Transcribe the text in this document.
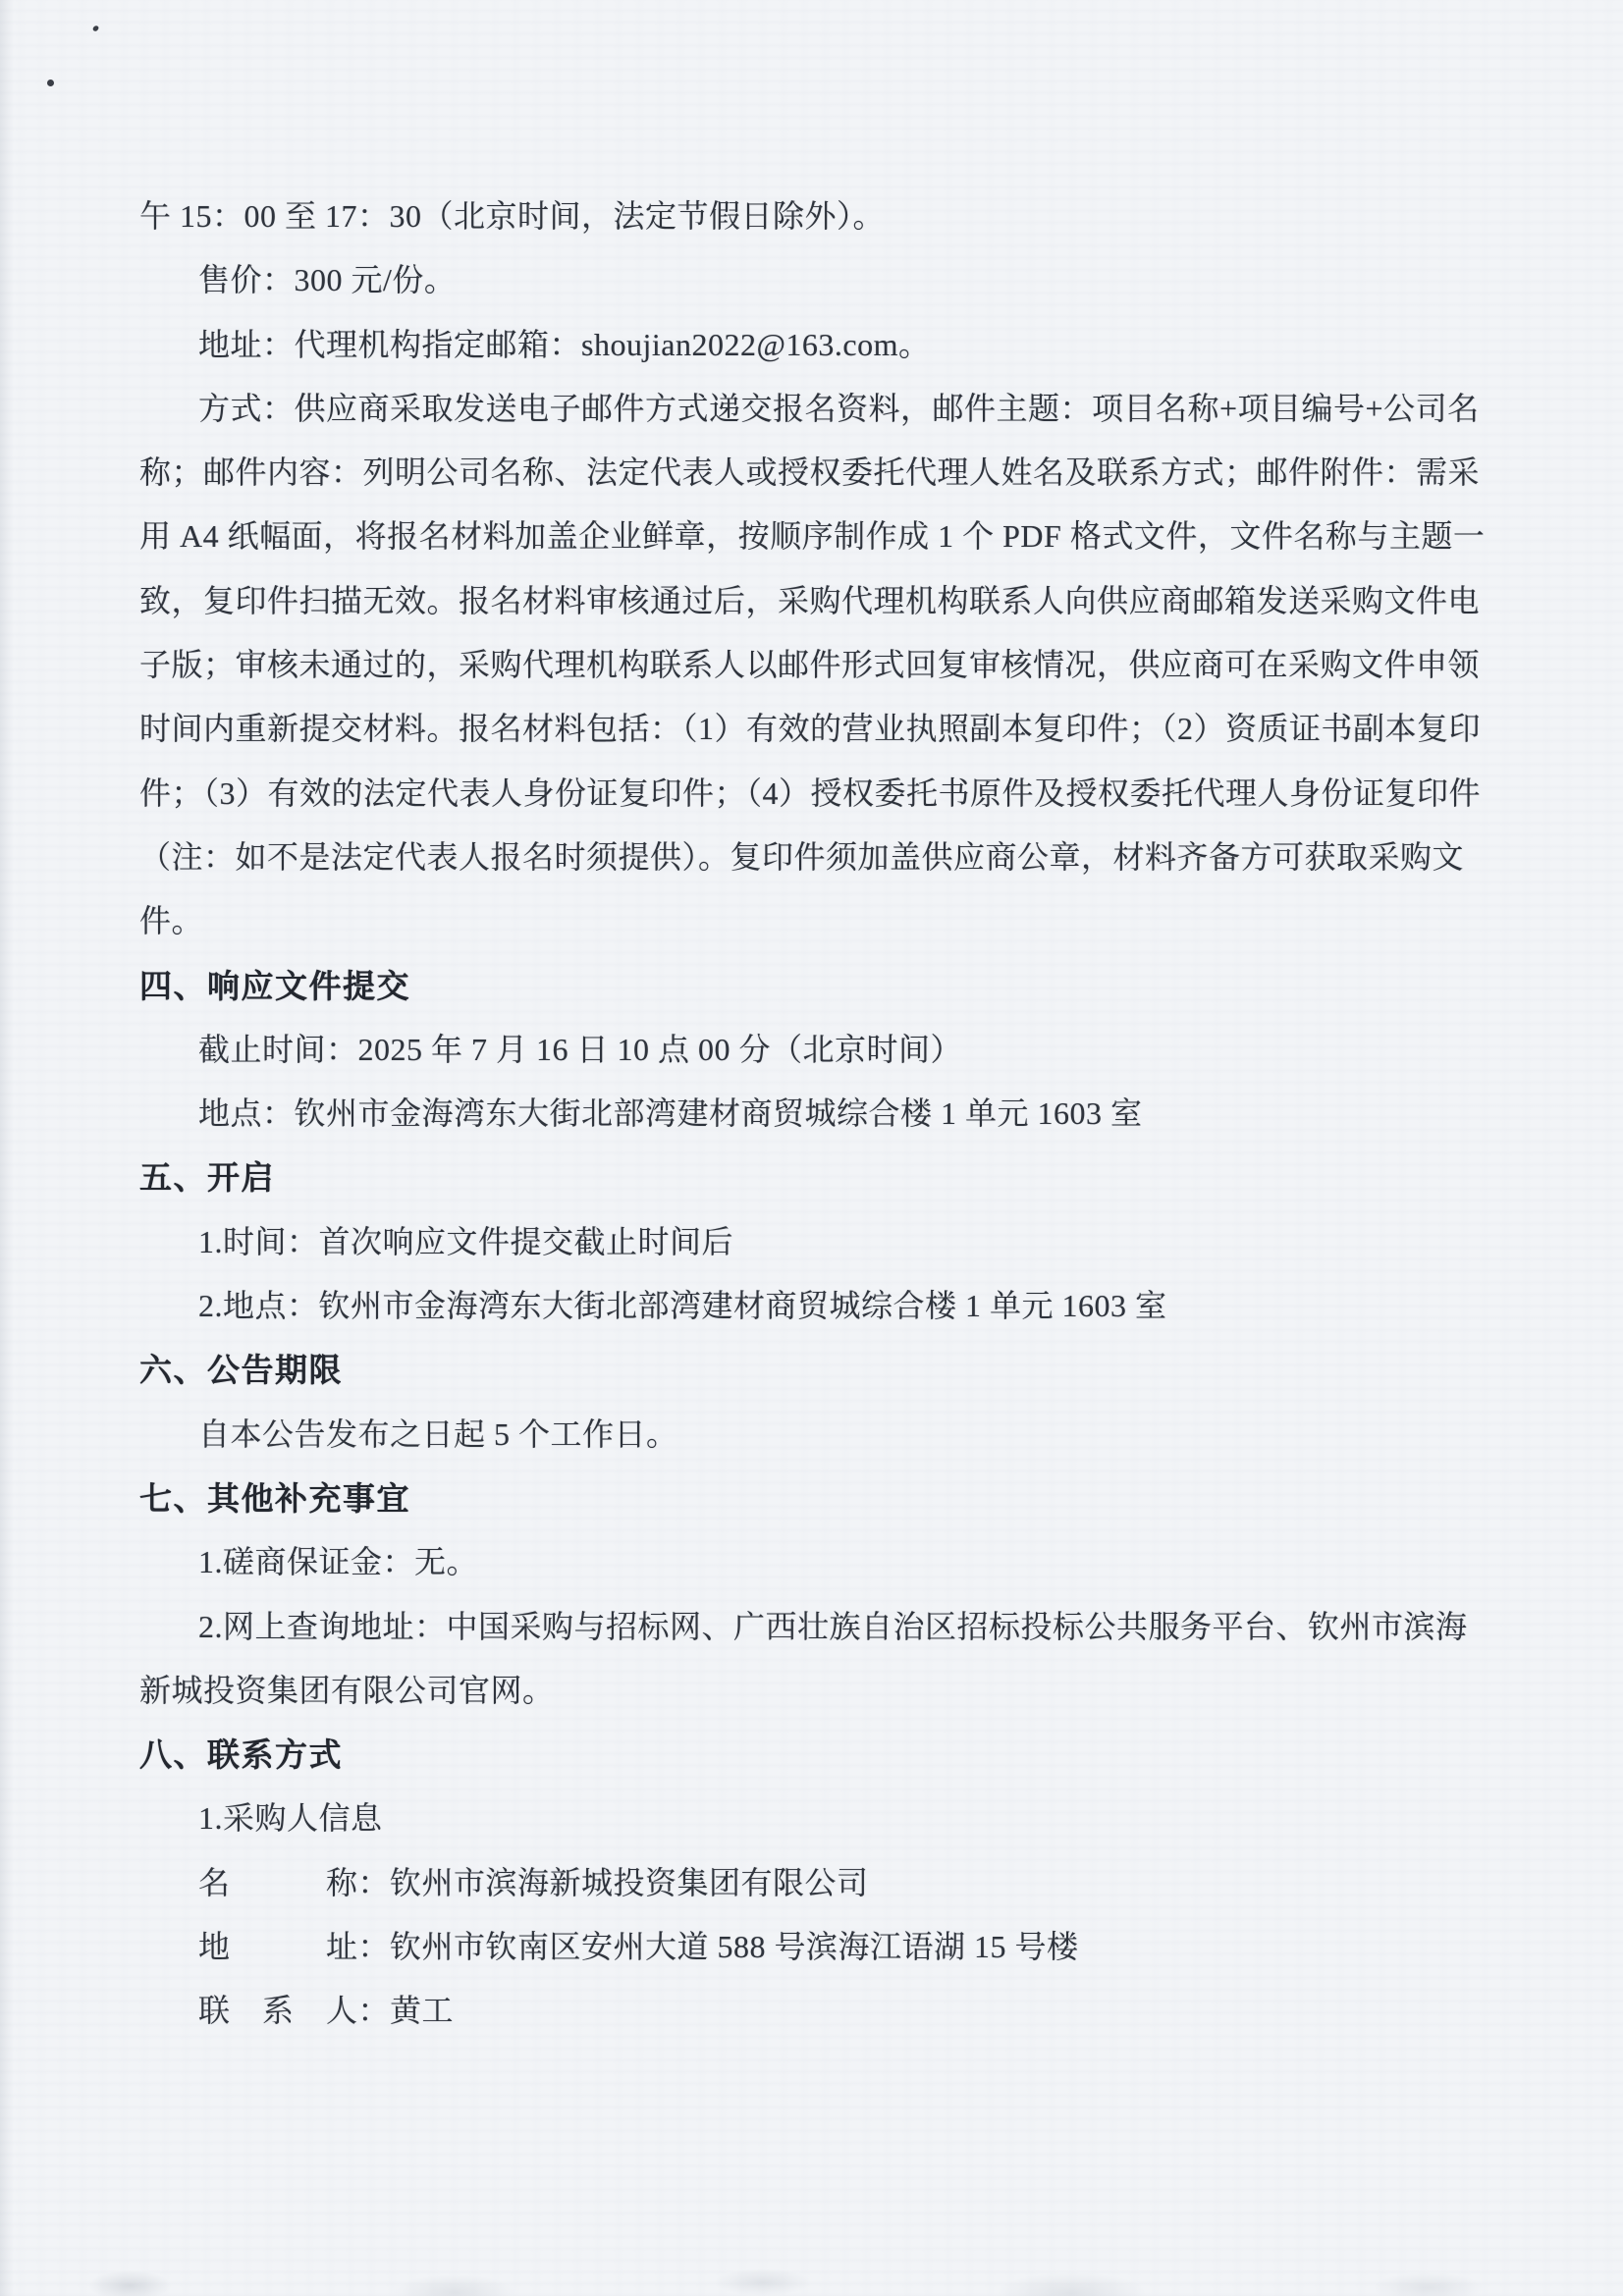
午 15：00 至 17：30（北京时间，法定节假日除外）。
售价：300 元/份。
地址：代理机构指定邮箱：shoujian2022@163.com。
方式：供应商采取发送电子邮件方式递交报名资料，邮件主题：项目名称+项目编号+公司名
称；邮件内容：列明公司名称、法定代表人或授权委托代理人姓名及联系方式；邮件附件：需采
用 A4 纸幅面，将报名材料加盖企业鲜章，按顺序制作成 1 个 PDF 格式文件，文件名称与主题一
致，复印件扫描无效。报名材料审核通过后，采购代理机构联系人向供应商邮箱发送采购文件电
子版；审核未通过的，采购代理机构联系人以邮件形式回复审核情况，供应商可在采购文件申领
时间内重新提交材料。报名材料包括：（1）有效的营业执照副本复印件；（2）资质证书副本复印
件；（3）有效的法定代表人身份证复印件；（4）授权委托书原件及授权委托代理人身份证复印件
（注：如不是法定代表人报名时须提供）。复印件须加盖供应商公章，材料齐备方可获取采购文
件。
四、响应文件提交
截止时间：2025 年 7 月 16 日 10 点 00 分（北京时间）
地点：钦州市金海湾东大街北部湾建材商贸城综合楼 1 单元 1603 室
五、开启
1.时间：首次响应文件提交截止时间后
2.地点：钦州市金海湾东大街北部湾建材商贸城综合楼 1 单元 1603 室
六、公告期限
自本公告发布之日起 5 个工作日。
七、其他补充事宜
1.磋商保证金：无。
2.网上查询地址：中国采购与招标网、广西壮族自治区招标投标公共服务平台、钦州市滨海
新城投资集团有限公司官网。
八、联系方式
1.采购人信息
名　　　称：钦州市滨海新城投资集团有限公司
地　　　址：钦州市钦南区安州大道 588 号滨海江语湖 15 号楼
联　系　人：黄工
